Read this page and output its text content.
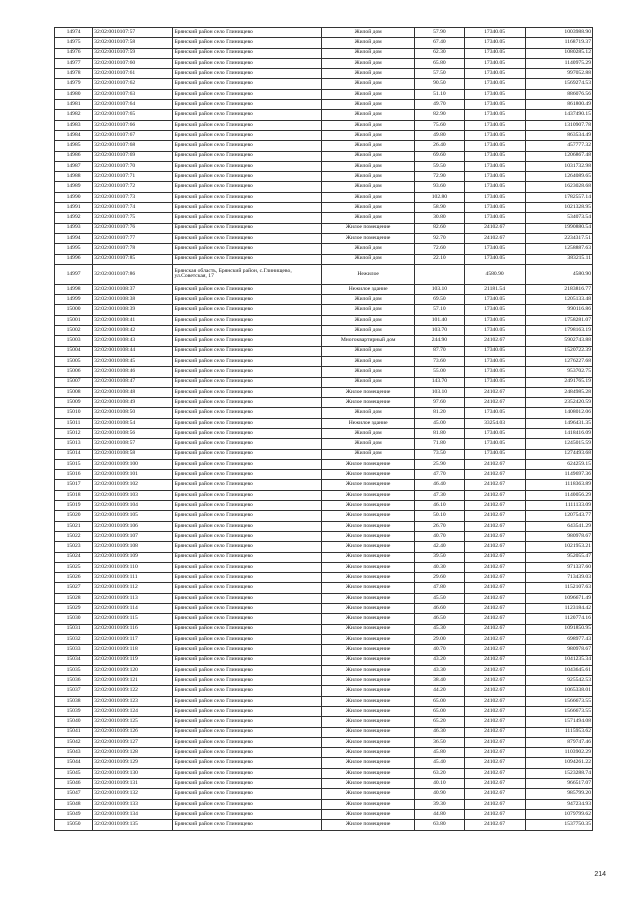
14974	32:02:0010107:57	Брянский район село Глинищево	Жилой дом	57.90	17340.05	1003988.90
14975	32:02:0010107:58	Брянский район село Глинищево	Жилой дом	67.40	17340.05	1168719.37
14976	32:02:0010107:59	Брянский район село Глинищево	Жилой дом	62.30	17340.05	1080285.12
14977	32:02:0010107:60	Брянский район село Глинищево	Жилой дом	65.80	17340.05	1140975.29
14978	32:02:0010107:61	Брянский район село Глинищево	Жилой дом	57.50	17340.05	997052.88
14979	32:02:0010107:62	Брянский район село Глинищево	Жилой дом	90.50	17340.05	1569274.53
14980	32:02:0010107:63	Брянский район село Глинищево	Жилой дом	51.10	17340.05	886076.56
14981	32:02:0010107:64	Брянский район село Глинищево	Жилой дом	49.70	17340.05	861800.49
14982	32:02:0010107:65	Брянский район село Глинищево	Жилой дом	82.90	17340.05	1437490.15
14983	32:02:0010107:66	Брянский район село Глинищево	Жилой дом	75.60	17340.05	1310907.78
14984	32:02:0010107:67	Брянский район село Глинищево	Жилой дом	49.80	17340.05	863534.49
14985	32:02:0010107:68	Брянский район село Глинищево	Жилой дом	26.40	17340.05	457777.32
14986	32:02:0010107:69	Брянский район село Глинищево	Жилой дом	69.60	17340.05	1206867.48
14987	32:02:0010107:70	Брянский район село Глинищево	Жилой дом	59.50	17340.05	1031732.98
14988	32:02:0010107:71	Брянский район село Глинищево	Жилой дом	72.90	17340.05	1264089.65
14989	32:02:0010107:72	Брянский район село Глинищево	Жилой дом	93.60	17340.05	1623028.68
14990	32:02:0010107:73	Брянский район село Глинищево	Жилой дом	102.80	17340.05	1782557.14
14991	32:02:0010107:74	Брянский район село Глинищево	Жилой дом	58.90	17340.05	1021328.95
14992	32:02:0010107:75	Брянский район село Глинищево	Жилой дом	30.80	17340.05	534073.54
14993	32:02:0010107:76	Брянский район село Глинищево	Жилое помещение	82.60	24102.67	1990880.54
14994	32:02:0010107:77	Брянский район село Глинищево	Жилое помещение	92.70	24102.67	2234317.51
14995	32:02:0010107:78	Брянский район село Глинищево	Жилой дом	72.60	17340.05	1258887.63
14996	32:02:0010107:85	Брянский район село Глинищево	Жилой дом	22.10	17340.05	383215.11
14997	32:02:0010107:86	Брянская область, Брянский район, с.Глинищево, ул.Советская, 17	Нежилое		4580.90	4580.90
14998	32:02:0010108:37	Брянский район село Глинищево	Нежилое здание	103.10	21181.54	2183816.77
14999	32:02:0010108:38	Брянский район село Глинищево	Жилой дом	69.50	17340.05	1205133.48
15000	32:02:0010108:39	Брянский район село Глинищево	Жилой дом	57.10	17340.05	990116.86
15001	32:02:0010108:41	Брянский район село Глинищево	Жилой дом	101.40	17340.05	1758281.07
15002	32:02:0010108:42	Брянский район село Глинищево	Жилой дом	103.70	17340.05	1798163.19
15003	32:02:0010108:43	Брянский район село Глинищево	Многоквартирный дом	244.90	24102.67	5902743.88
15004	32:02:0010108:44	Брянский район село Глинищево	Жилой дом	87.70	17340.05	1520722.39
15005	32:02:0010108:45	Брянский район село Глинищево	Жилой дом	73.60	17340.05	1276227.68
15006	32:02:0010108:46	Брянский район село Глинищево	Жилой дом	55.00	17340.05	953702.75
15007	32:02:0010108:47	Брянский район село Глинищево	Жилой дом	143.70	17340.05	2491765.19
15008	32:02:0010108:48	Брянский район село Глинищево	Жилое помещение	103.10	24102.67	2484985.28
15009	32:02:0010108:49	Брянский район село Глинищево	Жилое помещение	97.60	24102.67	2352420.59
15010	32:02:0010108:50	Брянский район село Глинищево	Жилой дом	81.20	17340.05	1408012.06
15011	32:02:0010108:54	Брянский район село Глинищево	Нежилое здание	45.00	33254.03	1496431.35
15012	32:02:0010108:56	Брянский район село Глинищево	Жилой дом	81.80	17340.05	1418416.09
15013	32:02:0010108:57	Брянский район село Глинищево	Жилой дом	71.80	17340.05	1245015.59
15014	32:02:0010108:58	Брянский район село Глинищево	Жилой дом	73.50	17340.05	1274493.68
15015	32:02:0010109:100	Брянский район село Глинищево	Жилое помещение	25.90	24102.67	624259.15
15016	32:02:0010109:101	Брянский район село Глинищево	Жилое помещение	47.70	24102.67	1149697.36
15017	32:02:0010109:102	Брянский район село Глинищево	Жилое помещение	46.40	24102.67	1118363.89
15018	32:02:0010109:103	Брянский район село Глинищево	Жилое помещение	47.30	24102.67	1140056.29
15019	32:02:0010109:104	Брянский район село Глинищево	Жилое помещение	46.10	24102.67	1111133.09
15020	32:02:0010109:105	Брянский район село Глинищево	Жилое помещение	50.10	24102.67	1207543.77
15021	32:02:0010109:106	Брянский район село Глинищево	Жилое помещение	26.70	24102.67	643541.29
15022	32:02:0010109:107	Брянский район село Глинищево	Жилое помещение	40.70	24102.67	980978.67
15023	32:02:0010109:108	Брянский район село Глинищево	Жилое помещение	42.40	24102.67	1021953.21
15024	32:02:0010109:109	Брянский район село Глинищево	Жилое помещение	39.50	24102.67	952055.47
15025	32:02:0010109:110	Брянский район село Глинищево	Жилое помещение	40.30	24102.67	971337.60
15026	32:02:0010109:111	Брянский район село Глинищево	Жилое помещение	29.60	24102.67	713439.03
15027	32:02:0010109:112	Брянский район село Глинищево	Жилое помещение	47.80	24102.67	1152107.63
15028	32:02:0010109:113	Брянский район село Глинищево	Жилое помещение	45.50	24102.67	1096671.49
15029	32:02:0010109:114	Брянский район село Глинищево	Жилое помещение	46.60	24102.67	1123184.42
15030	32:02:0010109:115	Брянский район село Глинищево	Жилое помещение	46.50	24102.67	1120774.16
15031	32:02:0010109:116	Брянский район село Глинищево	Жилое помещение	45.30	24102.67	1091850.95
15032	32:02:0010109:117	Брянский район село Глинищево	Жилое помещение	29.00	24102.67	698977.43
15033	32:02:0010109:118	Брянский район село Глинищево	Жилое помещение	40.70	24102.67	980978.67
15034	32:02:0010109:119	Брянский район село Глинищево	Жилое помещение	43.20	24102.67	1041235.34
15035	32:02:0010109:120	Брянский район село Глинищево	Жилое помещение	43.30	24102.67	1043645.61
15036	32:02:0010109:121	Брянский район село Глинищево	Жилое помещение	38.40	24102.67	925542.53
15037	32:02:0010109:122	Брянский район село Глинищево	Жилое помещение	44.20	24102.67	1065338.01
15038	32:02:0010109:123	Брянский район село Глинищево	Жилое помещение	65.00	24102.67	1566673.55
15039	32:02:0010109:124	Брянский район село Глинищево	Жилое помещение	65.00	24102.67	1566673.55
15040	32:02:0010109:125	Брянский район село Глинищево	Жилое помещение	65.20	24102.67	1571494.08
15041	32:02:0010109:126	Брянский район село Глинищево	Жилое помещение	46.30	24102.67	1115953.62
15042	32:02:0010109:127	Брянский район село Глинищево	Жилое помещение	36.50	24102.67	879747.46
15043	32:02:0010109:128	Брянский район село Глинищево	Жилое помещение	45.80	24102.67	1103902.29
15044	32:02:0010109:129	Брянский район село Глинищево	Жилое помещение	45.40	24102.67	1094261.22
15045	32:02:0010109:130	Брянский район село Глинищево	Жилое помещение	63.20	24102.67	1523288.74
15046	32:02:0010109:131	Брянский район село Глинищево	Жилое помещение	40.10	24102.67	966517.07
15047	32:02:0010109:132	Брянский район село Глинищево	Жилое помещение	40.90	24102.67	985799.20
15048	32:02:0010109:133	Брянский район село Глинищево	Жилое помещение	39.30	24102.67	947234.93
15049	32:02:0010109:134	Брянский район село Глинищево	Жилое помещение	44.80	24102.67	1079799.62
15050	32:02:0010109:135	Брянский район село Глинищево	Жилое помещение	63.80	24102.67	1537750.35
214
